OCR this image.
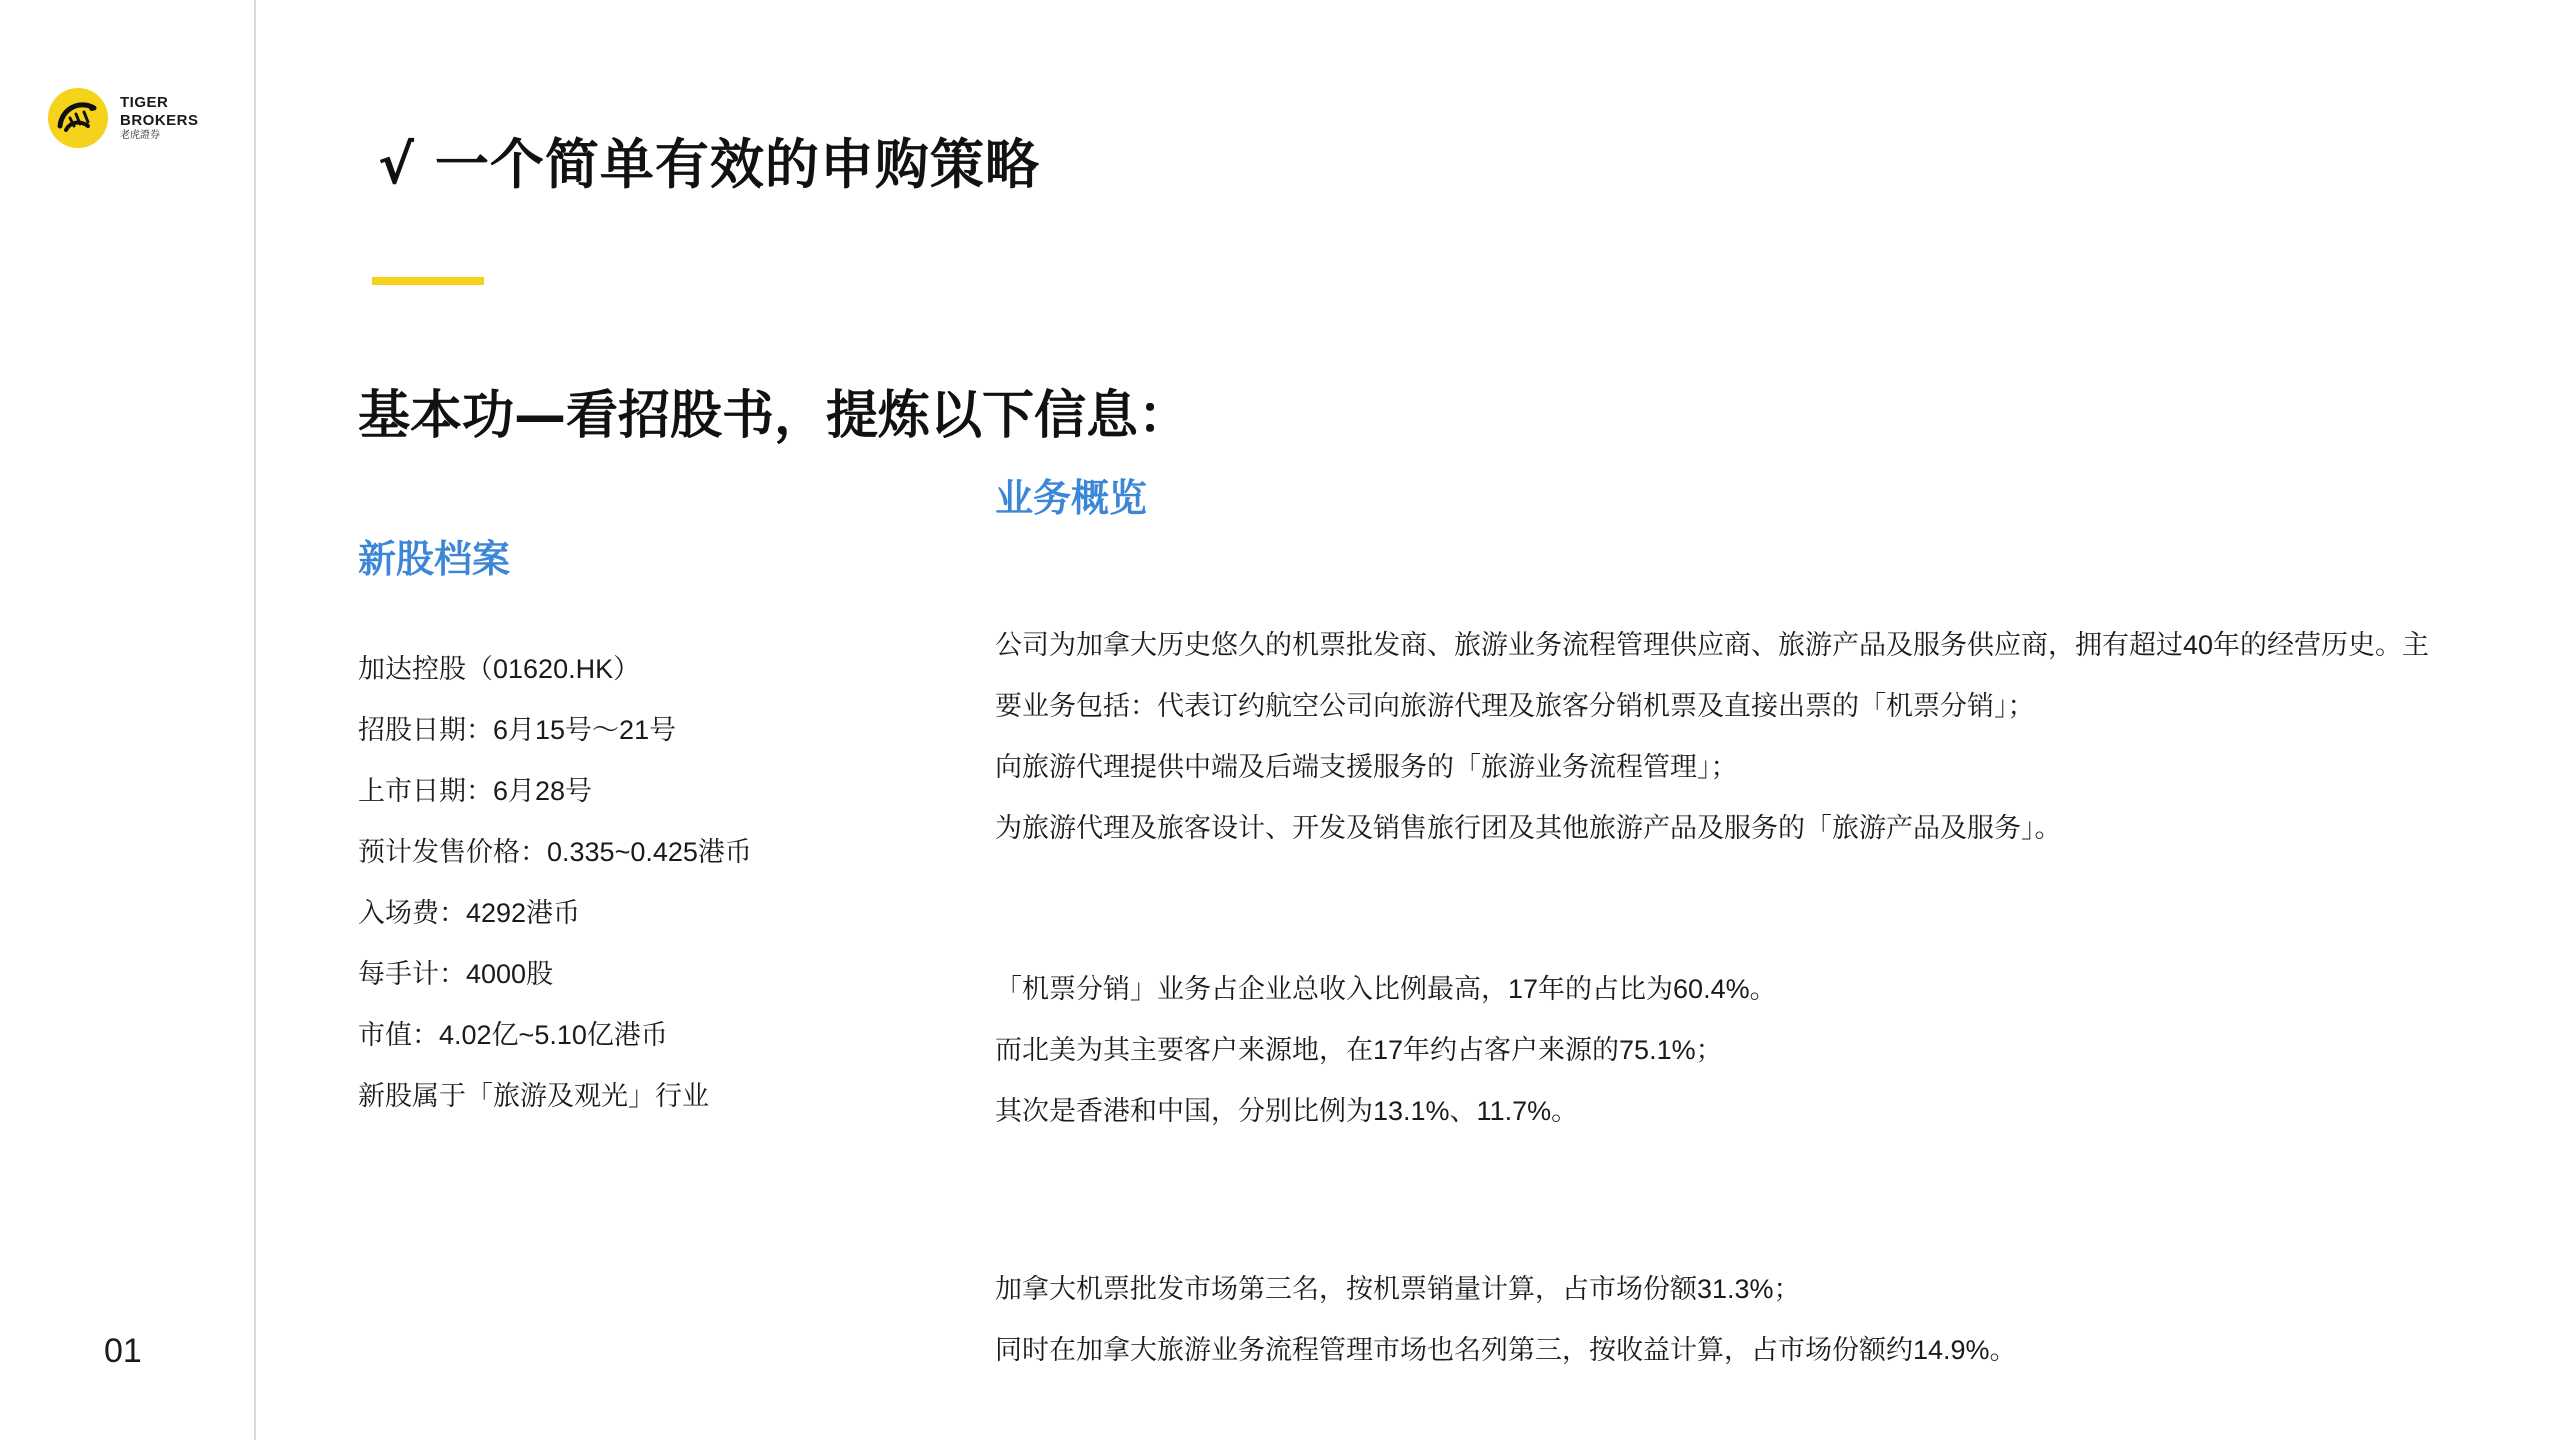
TIGER
BROKERS
老虎證券
01
√ 一个简单有效的申购策略
基本功—看招股书，提炼以下信息：
业务概览
新股档案
加达控股（01620.HK）
招股日期：6月15号～21号
上市日期：6月28号
预计发售价格：0.335~0.425港币
入场费：4292港币
每手计：4000股
市值：4.02亿~5.10亿港币
新股属于「旅游及观光」行业
公司为加拿大历史悠久的机票批发商、旅游业务流程管理供应商、旅游产品及服务供应商，拥有超过40年的经营历史。主
要业务包括：代表订约航空公司向旅游代理及旅客分销机票及直接出票的「机票分销」；
向旅游代理提供中端及后端支援服务的「旅游业务流程管理」；
为旅游代理及旅客设计、开发及销售旅行团及其他旅游产品及服务的「旅游产品及服务」。
「机票分销」业务占企业总收入比例最高，17年的占比为60.4%。
而北美为其主要客户来源地，在17年约占客户来源的75.1%；
其次是香港和中国，分别比例为13.1%、11.7%。
加拿大机票批发市场第三名，按机票销量计算，占市场份额31.3%；
同时在加拿大旅游业务流程管理市场也名列第三，按收益计算，占市场份额约14.9%。
